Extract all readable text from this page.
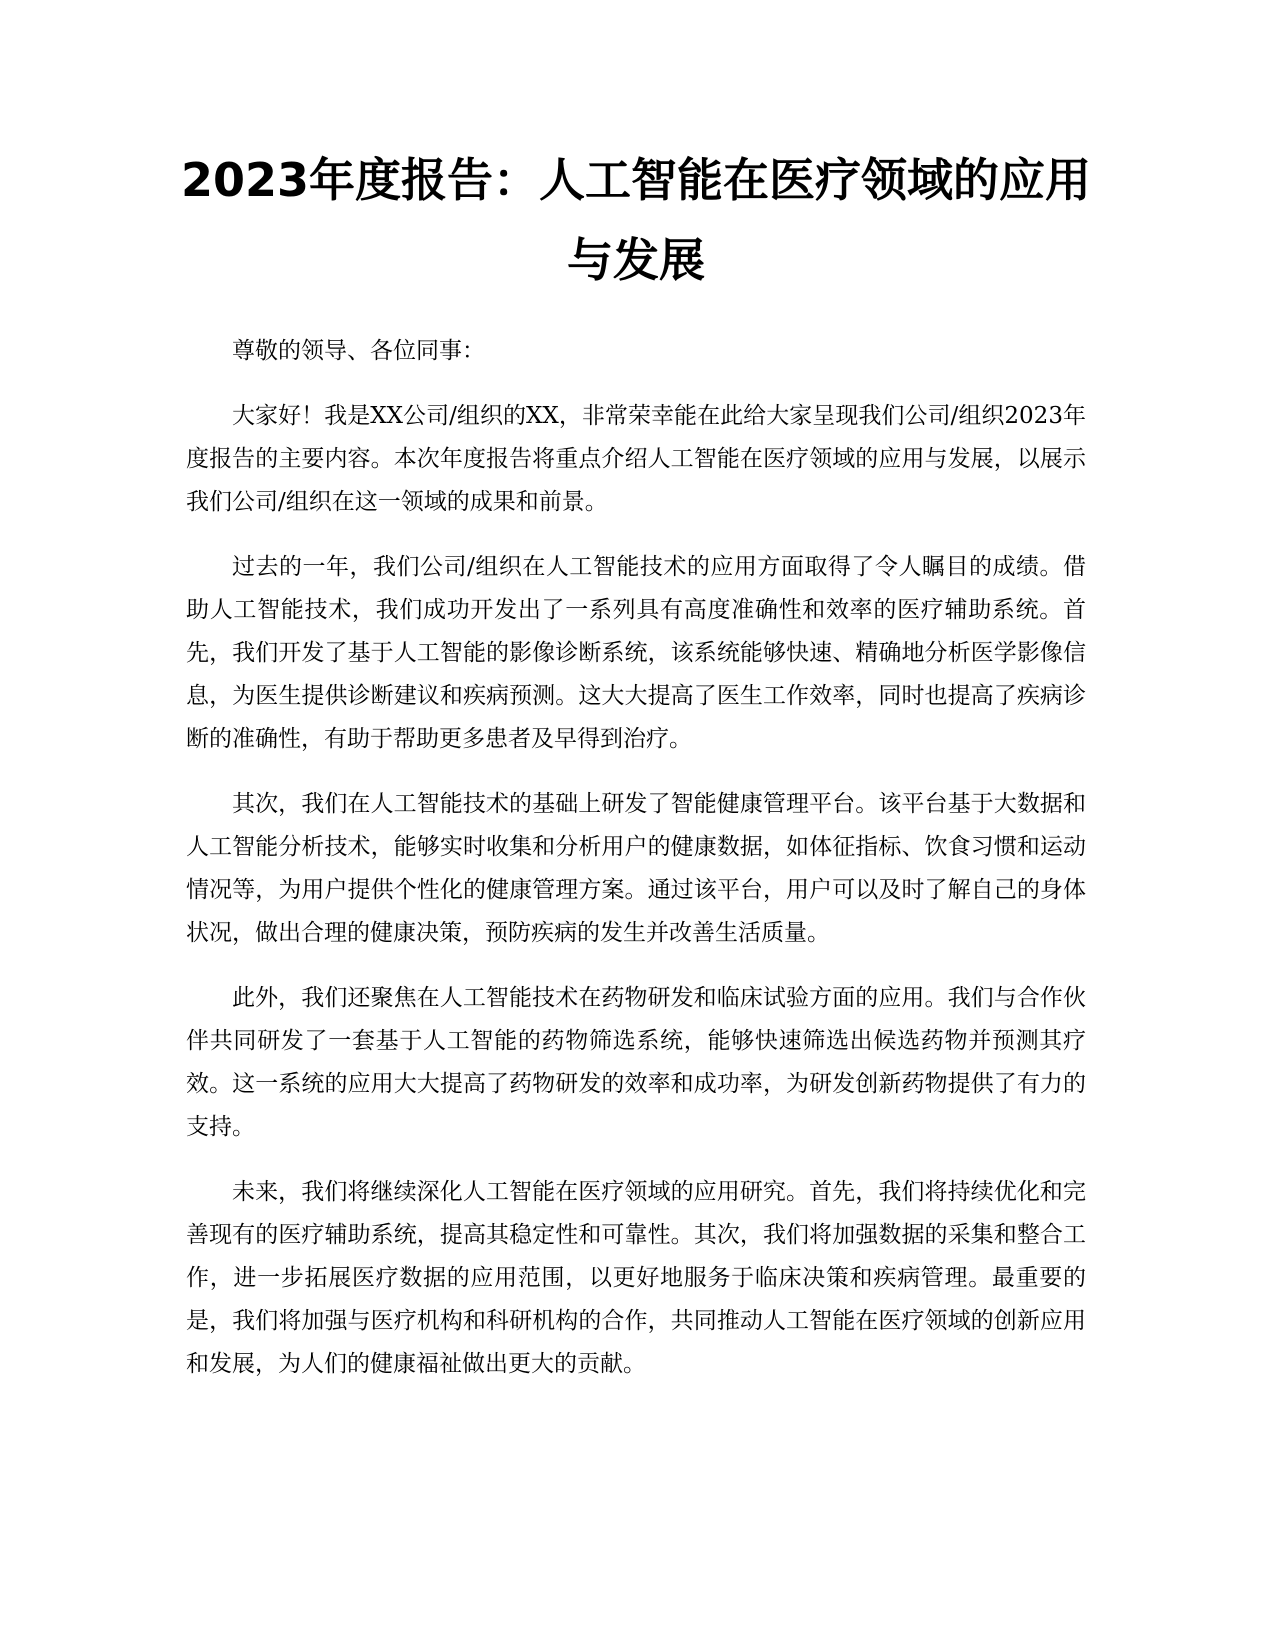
2023年度报告：人工智能在医疗领域的应用与发展

尊敬的领导、各位同事：

大家好！我是XX公司/组织的XX，非常荣幸能在此给大家呈现我们公司/组织2023年度报告的主要内容。本次年度报告将重点介绍人工智能在医疗领域的应用与发展，以展示我们公司/组织在这一领域的成果和前景。

过去的一年，我们公司/组织在人工智能技术的应用方面取得了令人瞩目的成绩。借助人工智能技术，我们成功开发出了一系列具有高度准确性和效率的医疗辅助系统。首先，我们开发了基于人工智能的影像诊断系统，该系统能够快速、精确地分析医学影像信息，为医生提供诊断建议和疾病预测。这大大提高了医生工作效率，同时也提高了疾病诊断的准确性，有助于帮助更多患者及早得到治疗。

其次，我们在人工智能技术的基础上研发了智能健康管理平台。该平台基于大数据和人工智能分析技术，能够实时收集和分析用户的健康数据，如体征指标、饮食习惯和运动情况等，为用户提供个性化的健康管理方案。通过该平台，用户可以及时了解自己的身体状况，做出合理的健康决策，预防疾病的发生并改善生活质量。

此外，我们还聚焦在人工智能技术在药物研发和临床试验方面的应用。我们与合作伙伴共同研发了一套基于人工智能的药物筛选系统，能够快速筛选出候选药物并预测其疗效。这一系统的应用大大提高了药物研发的效率和成功率，为研发创新药物提供了有力的支持。

未来，我们将继续深化人工智能在医疗领域的应用研究。首先，我们将持续优化和完善现有的医疗辅助系统，提高其稳定性和可靠性。其次，我们将加强数据的采集和整合工作，进一步拓展医疗数据的应用范围，以更好地服务于临床决策和疾病管理。最重要的是，我们将加强与医疗机构和科研机构的合作，共同推动人工智能在医疗领域的创新应用和发展，为人们的健康福祉做出更大的贡献。
